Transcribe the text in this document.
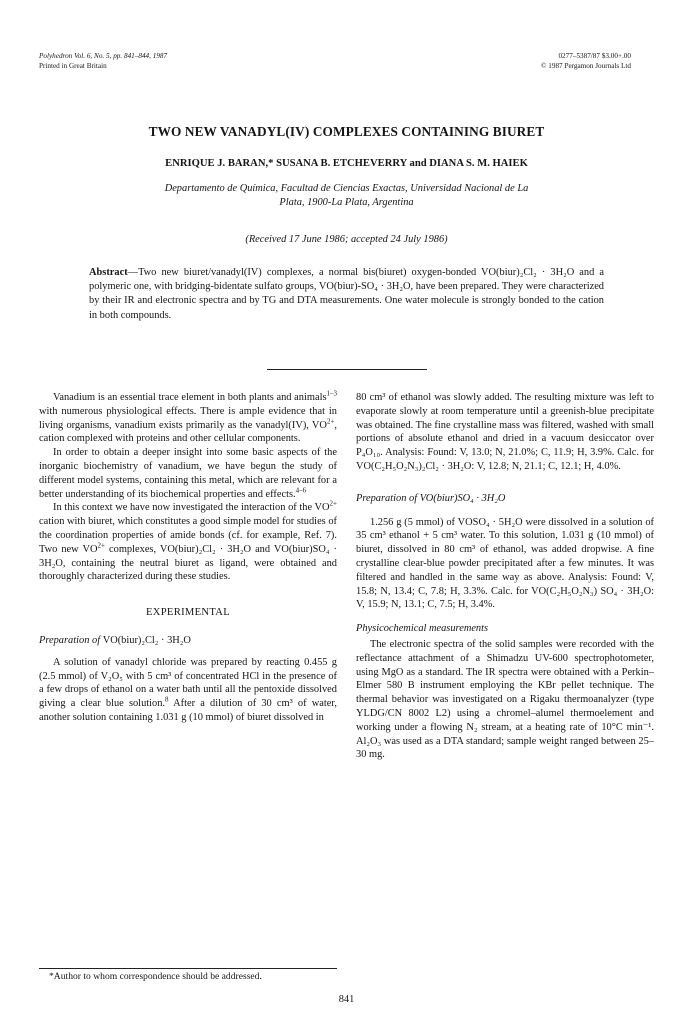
Polyhedron Vol. 6, No. 5, pp. 841–844, 1987
Printed in Great Britain
0277–5387/87 $3.00+.00
© 1987 Pergamon Journals Ltd
TWO NEW VANADYL(IV) COMPLEXES CONTAINING BIURET
ENRIQUE J. BARAN,* SUSANA B. ETCHEVERRY and DIANA S. M. HAIEK
Departamento de Química, Facultad de Ciencias Exactas, Universidad Nacional de La
Plata, 1900-La Plata, Argentina
(Received 17 June 1986; accepted 24 July 1986)
Abstract—Two new biuret/vanadyl(IV) complexes, a normal bis(biuret) oxygen-bonded VO(biur)₂Cl₂ · 3H₂O and a polymeric one, with bridging-bidentate sulfato groups, VO(biur)-SO₄ · 3H₂O, have been prepared. They were characterized by their IR and electronic spectra and by TG and DTA measurements. One water molecule is strongly bonded to the cation in both compounds.

Vanadium is an essential trace element in both plants and animals$^{1-3}$ with numerous physiological effects. There is ample evidence that in living organisms, vanadium exists primarily as the vanadyl(IV), $VO^{2+}$, cation complexed with proteins and other cellular components.

In order to obtain a deeper insight into some basic aspects of the inorganic biochemistry of vanadium, we have begun the study of different model systems, containing this metal, which are relevant for a better understanding of its biochemical properties and effects.$^{4-6}$

In this context we have now investigated the interaction of the $VO^{2+}$ cation with biuret, which constitutes a good simple model for studies of the coordination properties of amide bonds (cf. for example, Ref. 7). Two new $VO^{2+}$ complexes, VO(biur)₂Cl₂ · 3H₂O and VO(biur)SO₄ · 3H₂O, containing the neutral biuret as ligand, were obtained and thoroughly characterized during these studies.

EXPERIMENTAL
Preparation of VO(biur)₂Cl₂ · 3H₂O

A solution of vanadyl chloride was prepared by reacting 0.455 g (2.5 mmol) of V₂O₅ with 5 cm³ of concentrated HCl in the presence of a few drops of ethanol on a water bath until all the pentoxide dissolved giving a clear blue solution.$^8$ After a dilution of 30 cm³ of water, another solution containing 1.031 g (10 mmol) of biuret dissolved in

80 cm³ of ethanol was slowly added. The resulting mixture was left to evaporate slowly at room temperature until a greenish-blue precipitate was obtained. The fine crystalline mass was filtered, washed with small portions of absolute ethanol and dried in a vacuum desiccator over P₄O₁₀. Analysis: Found: V, 13.0; N, 21.0%; C, 11.9; H, 3.9%. Calc. for VO(C₂H₅O₂N₃)₂Cl₂ · 3H₂O: V, 12.8; N, 21.1; C, 12.1; H, 4.0%.

Preparation of VO(biur)SO₄ · 3H₂O

1.256 g (5 mmol) of VOSO₄ · 5H₂O were dissolved in a solution of 35 cm³ ethanol + 5 cm³ water. To this solution, 1.031 g (10 mmol) of biuret, dissolved in 80 cm³ of ethanol, was added dropwise. A fine crystalline clear-blue powder precipitated after a few minutes. It was filtered and handled in the same way as above. Analysis: Found: V, 15.8; N, 13.4; C, 7.8; H, 3.3%. Calc. for VO(C₂H₅O₂N₃) SO₄ · 3H₂O: V, 15.9; N, 13.1; C, 7.5; H, 3.4%.

Physicochemical measurements

The electronic spectra of the solid samples were recorded with the reflectance attachment of a Shimadzu UV-600 spectrophotometer, using MgO as a standard. The IR spectra were obtained with a Perkin–Elmer 580 B instrument employing the KBr pellet technique. The thermal behavior was investigated on a Rigaku thermoanalyzer (type YLDG/CN 8002 L2) using a chromel–alumel thermoelement and working under a flowing N₂ stream, at a heating rate of 10°C min⁻¹. Al₂O₃ was used as a DTA standard; sample weight ranged between 25–30 mg.

*Author to whom correspondence should be addressed.
841
